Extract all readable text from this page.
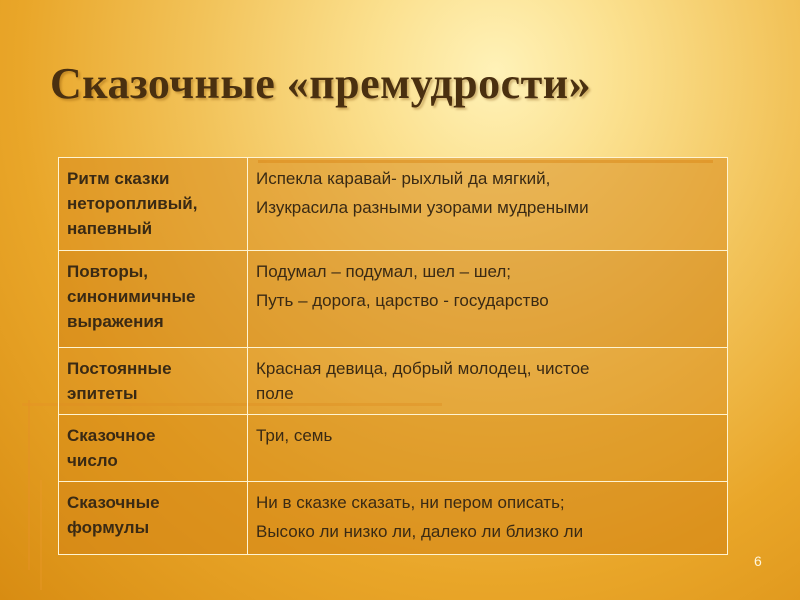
Сказочные «премудрости»
Ритм сказки
неторопливый,
напевный	Испекла каравай- рыхлый да мягкий,
Изукрасила разными узорами мудреными

Повторы,
синонимичные
выражения	Подумал – подумал, шел – шел;
Путь – дорога, царство - государство

Постоянные
эпитеты	Красная девица, добрый молодец, чистое
поле

Сказочное
число	Три, семь

Сказочные
формулы	Ни в сказке сказать, ни пером описать;
Высоко ли низко ли, далеко ли близко ли
6
